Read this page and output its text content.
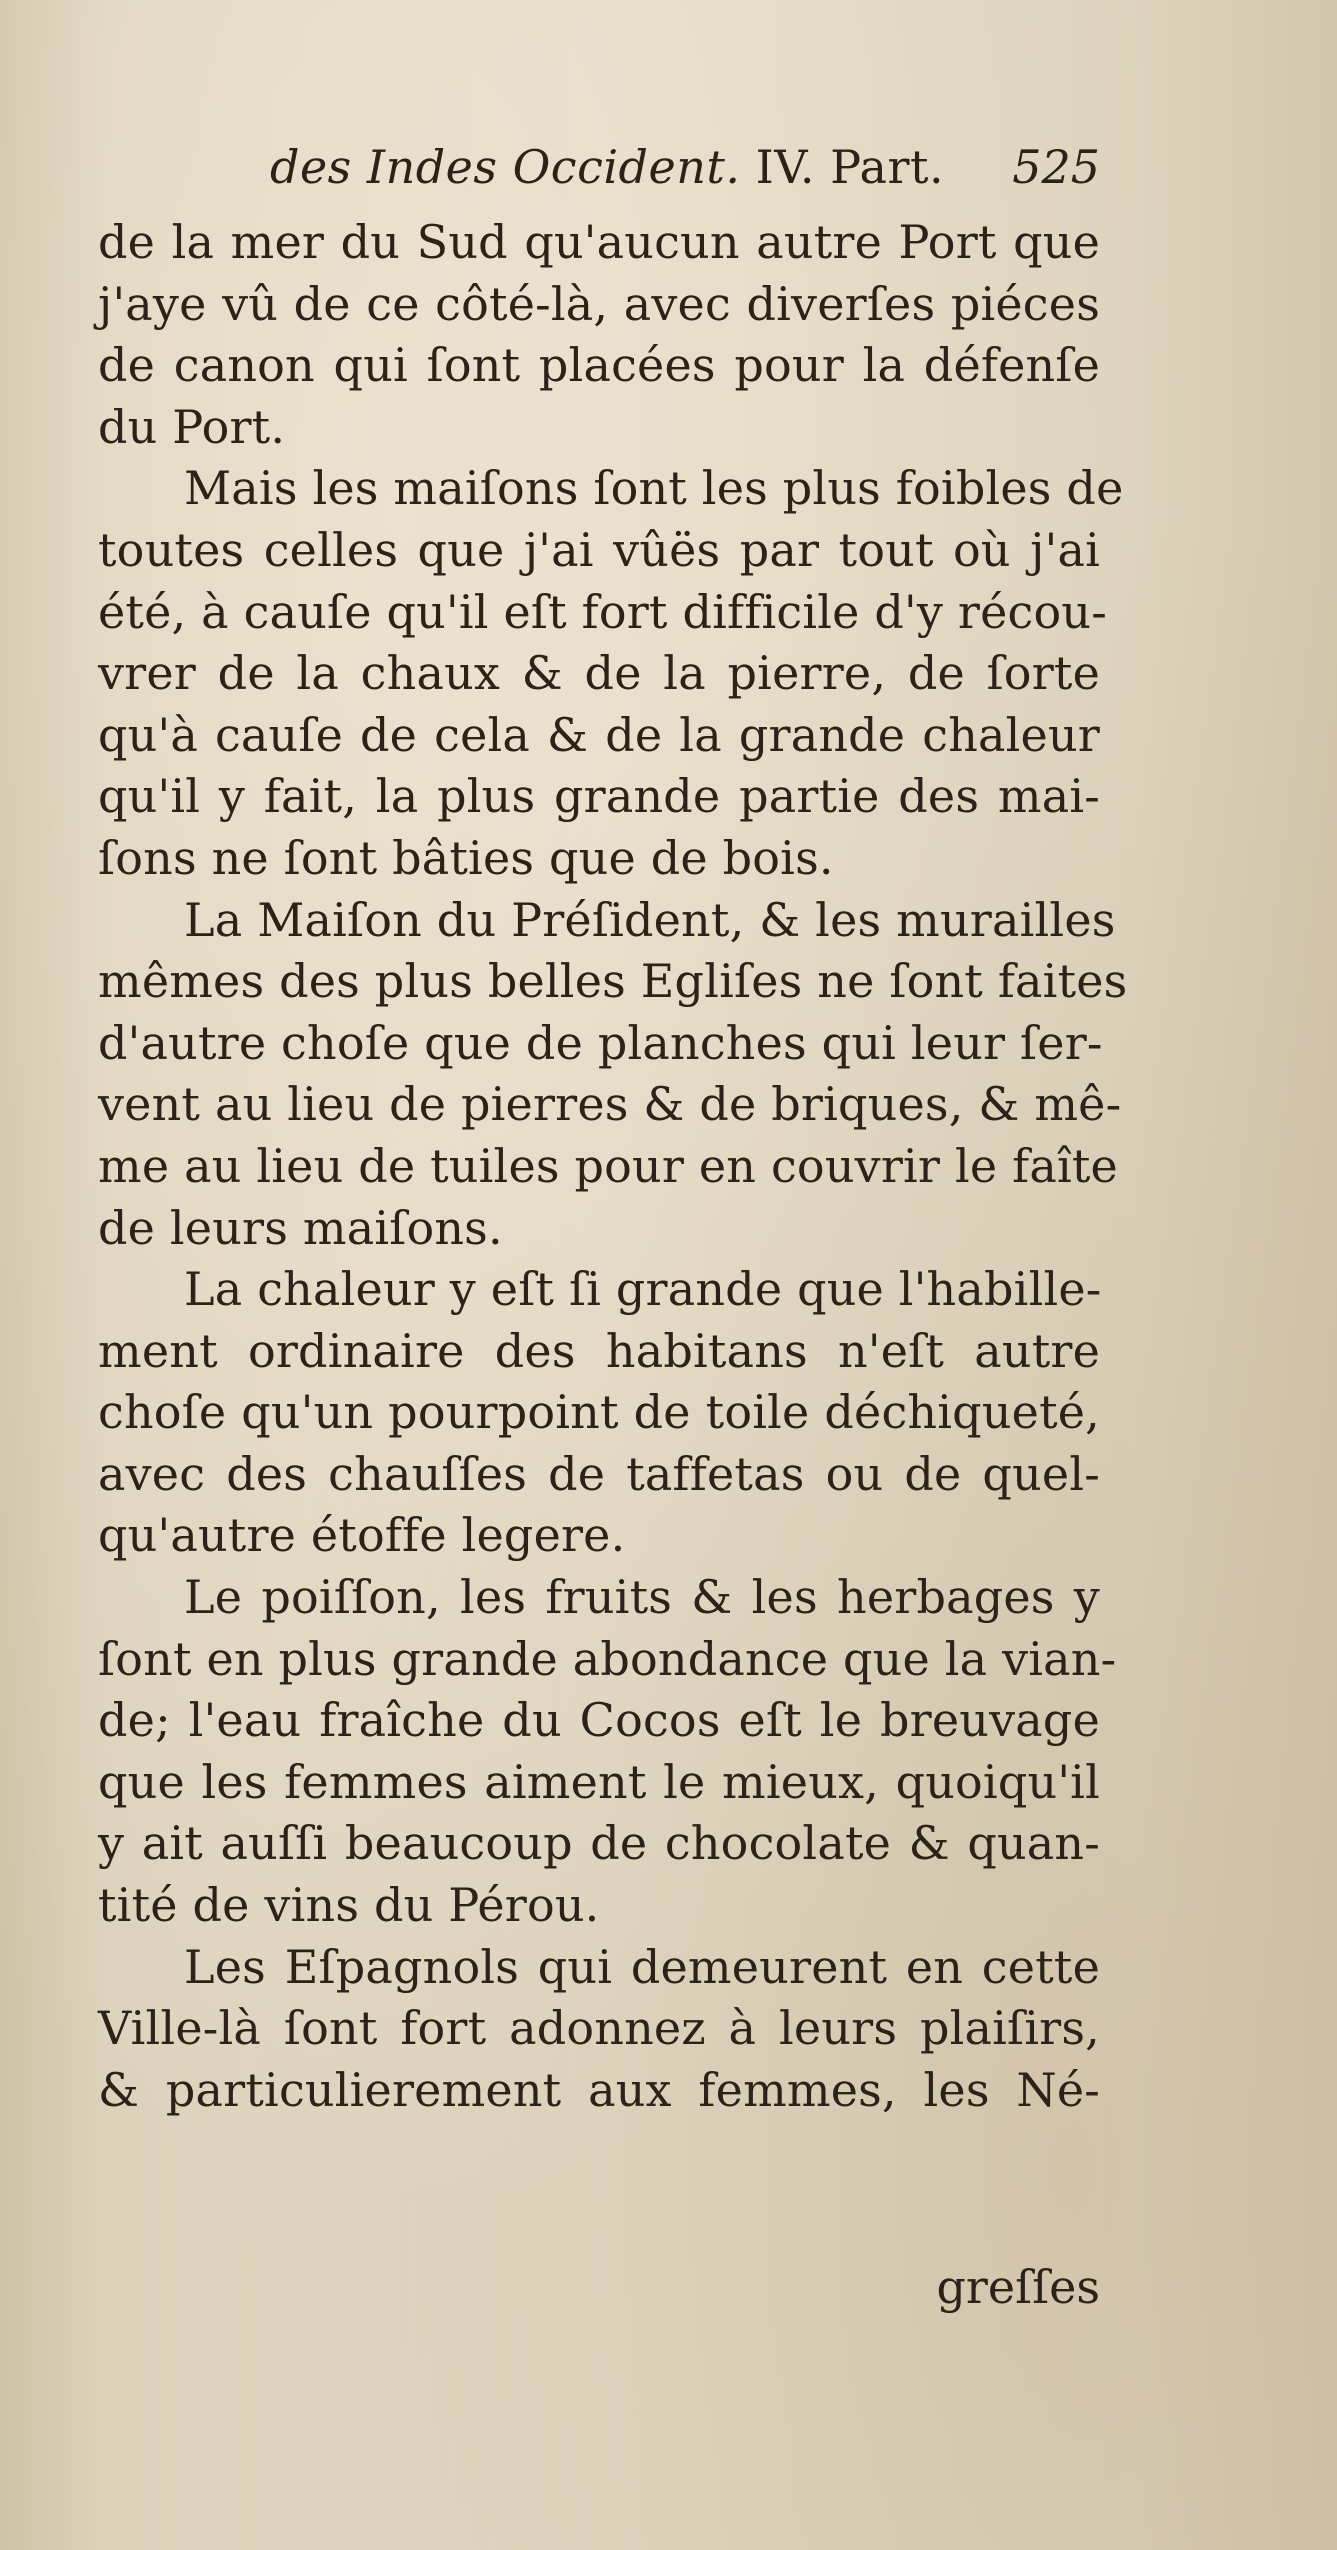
des Indes Occident. IV. Part. 525
de la mer du Sud qu'aucun autre Port que
j'aye vû de ce côté-là, avec diverſes piéces
de canon qui ſont placées pour la défenſe
du Port.
Mais les maiſons ſont les plus foibles de
toutes celles que j'ai vûës par tout où j'ai
été, à cauſe qu'il eſt fort difficile d'y récou-
vrer de la chaux & de la pierre, de ſorte
qu'à cauſe de cela & de la grande chaleur
qu'il y fait, la plus grande partie des mai-
ſons ne ſont bâties que de bois.
La Maiſon du Préſident, & les murailles
mêmes des plus belles Egliſes ne ſont faites
d'autre choſe que de planches qui leur ſer-
vent au lieu de pierres & de briques, & mê-
me au lieu de tuiles pour en couvrir le faîte
de leurs maiſons.
La chaleur y eſt ſi grande que l'habille-
ment ordinaire des habitans n'eſt autre
choſe qu'un pourpoint de toile déchiqueté,
avec des chauſſes de taffetas ou de quel-
qu'autre étoffe legere.
Le poiſſon, les fruits & les herbages y
ſont en plus grande abondance que la vian-
de; l'eau fraîche du Cocos eſt le breuvage
que les femmes aiment le mieux, quoiqu'il
y ait auſſi beaucoup de chocolate & quan-
tité de vins du Pérou.
Les Eſpagnols qui demeurent en cette
Ville-là ſont fort adonnez à leurs plaiſirs,
& particulierement aux femmes, les Né-
greſſes
